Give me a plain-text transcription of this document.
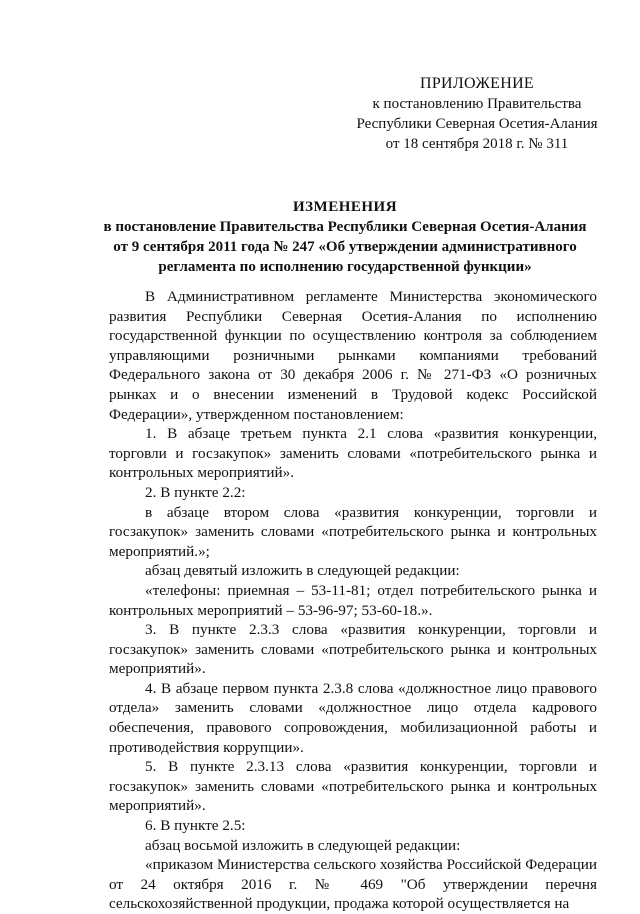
ПРИЛОЖЕНИЕ
к постановлению Правительства
Республики Северная Осетия-Алания
от 18 сентября 2018 г. № 311
ИЗМЕНЕНИЯ
в постановление Правительства Республики Северная Осетия-Алания
от 9 сентября 2011 года № 247 «Об утверждении административного
регламента по исполнению государственной функции»

В Административном регламенте Министерства экономического развития Республики Северная Осетия-Алания по исполнению государственной функции по осуществлению контроля за соблюдением управляющими розничными рынками компаниями требований Федерального закона от 30 декабря 2006 г. № 271-ФЗ «О розничных рынках и о внесении изменений в Трудовой кодекс Российской Федерации», утвержденном постановлением:

1. В абзаце третьем пункта 2.1 слова «развития конкуренции, торговли и госзакупок» заменить словами «потребительского рынка и контрольных мероприятий».

2. В пункте 2.2:

в абзаце втором слова «развития конкуренции, торговли и госзакупок» заменить словами «потребительского рынка и контрольных мероприятий.»;

абзац девятый изложить в следующей редакции:

«телефоны: приемная – 53-11-81; отдел потребительского рынка и контрольных мероприятий – 53-96-97; 53-60-18.».

3. В пункте 2.3.3 слова «развития конкуренции, торговли и госзакупок» заменить словами «потребительского рынка и контрольных мероприятий».

4. В абзаце первом пункта 2.3.8 слова «должностное лицо правового отдела» заменить словами «должностное лицо отдела кадрового обеспечения, правового сопровождения, мобилизационной работы и противодействия коррупции».

5. В пункте 2.3.13 слова «развития конкуренции, торговли и госзакупок» заменить словами «потребительского рынка и контрольных мероприятий».

6. В пункте 2.5:

абзац восьмой изложить в следующей редакции:

«приказом Министерства сельского хозяйства Российской Федерации от 24 октября 2016 г. № 469 "Об утверждении перечня сельскохозяйственной продукции, продажа которой осуществляется на
